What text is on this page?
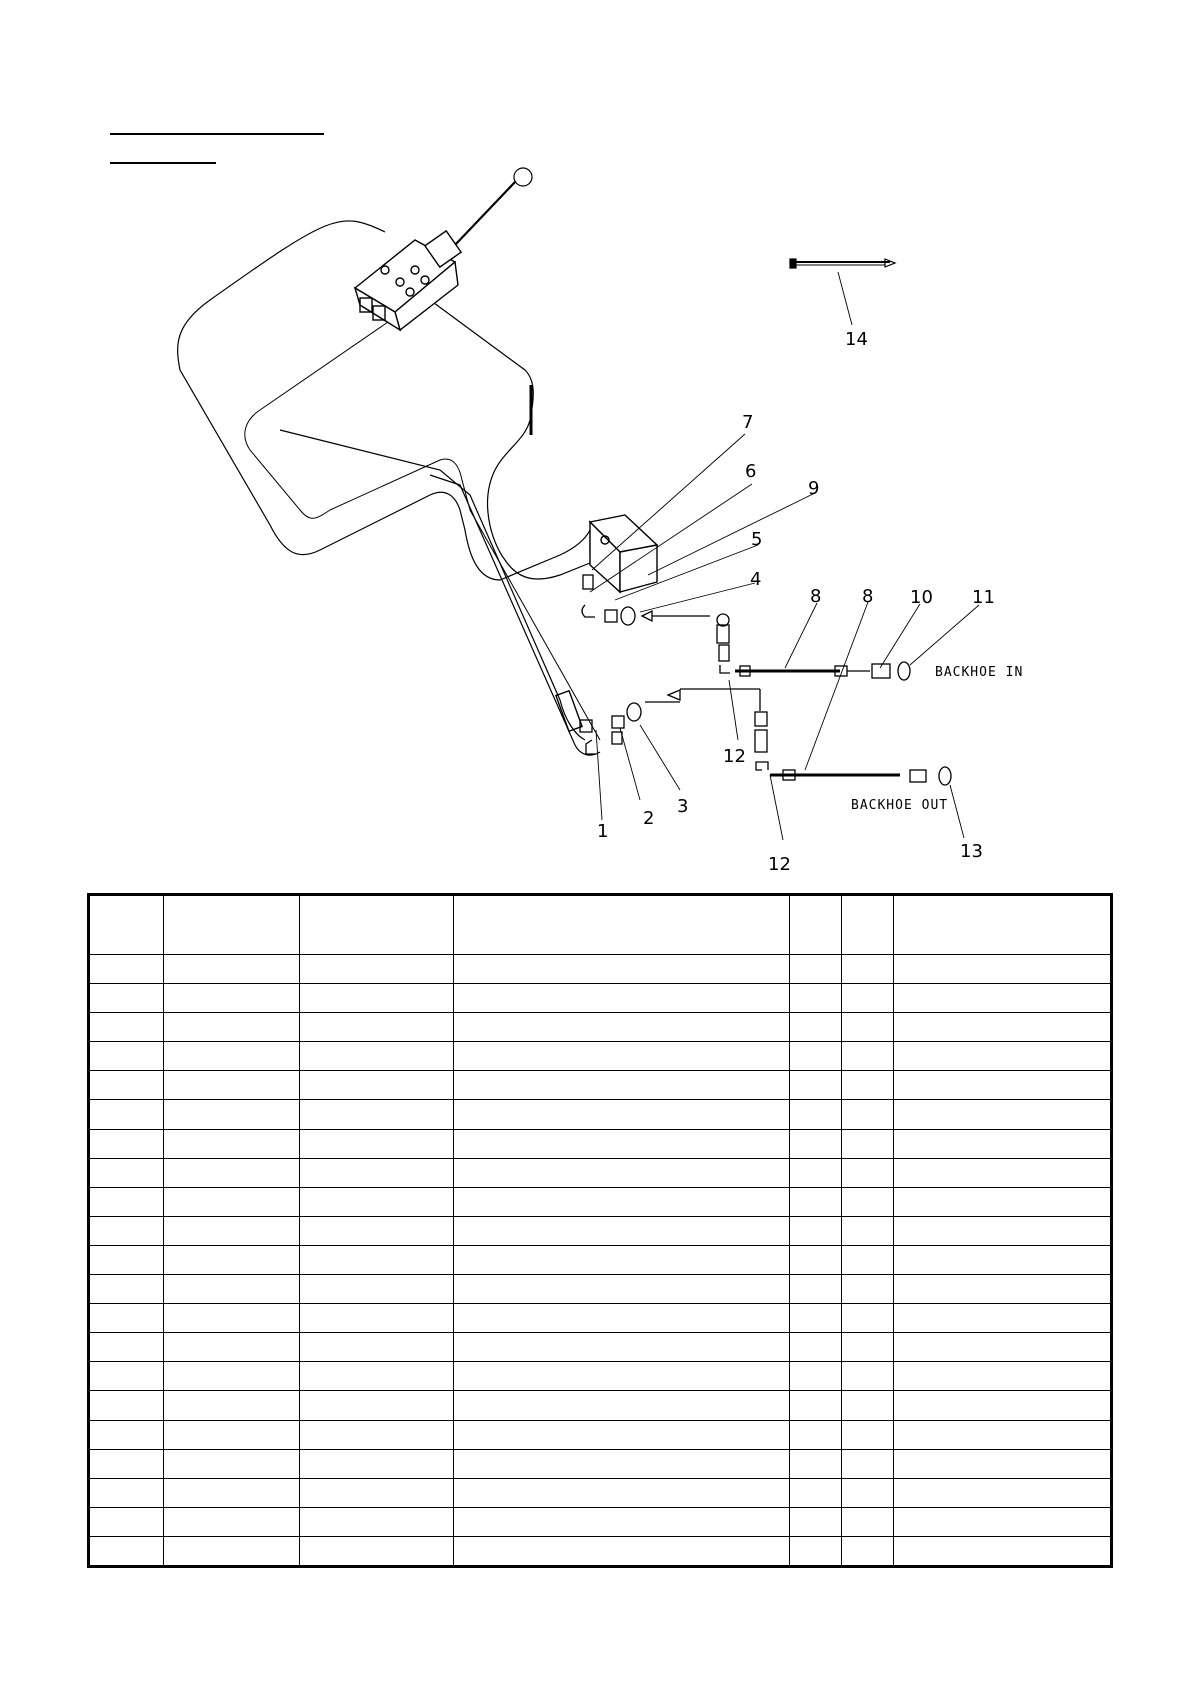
14
7
6
9
5
4
8 8 10 11
BACKHOE IN
12
BACKHOE OUT
3
2
1
13
12
